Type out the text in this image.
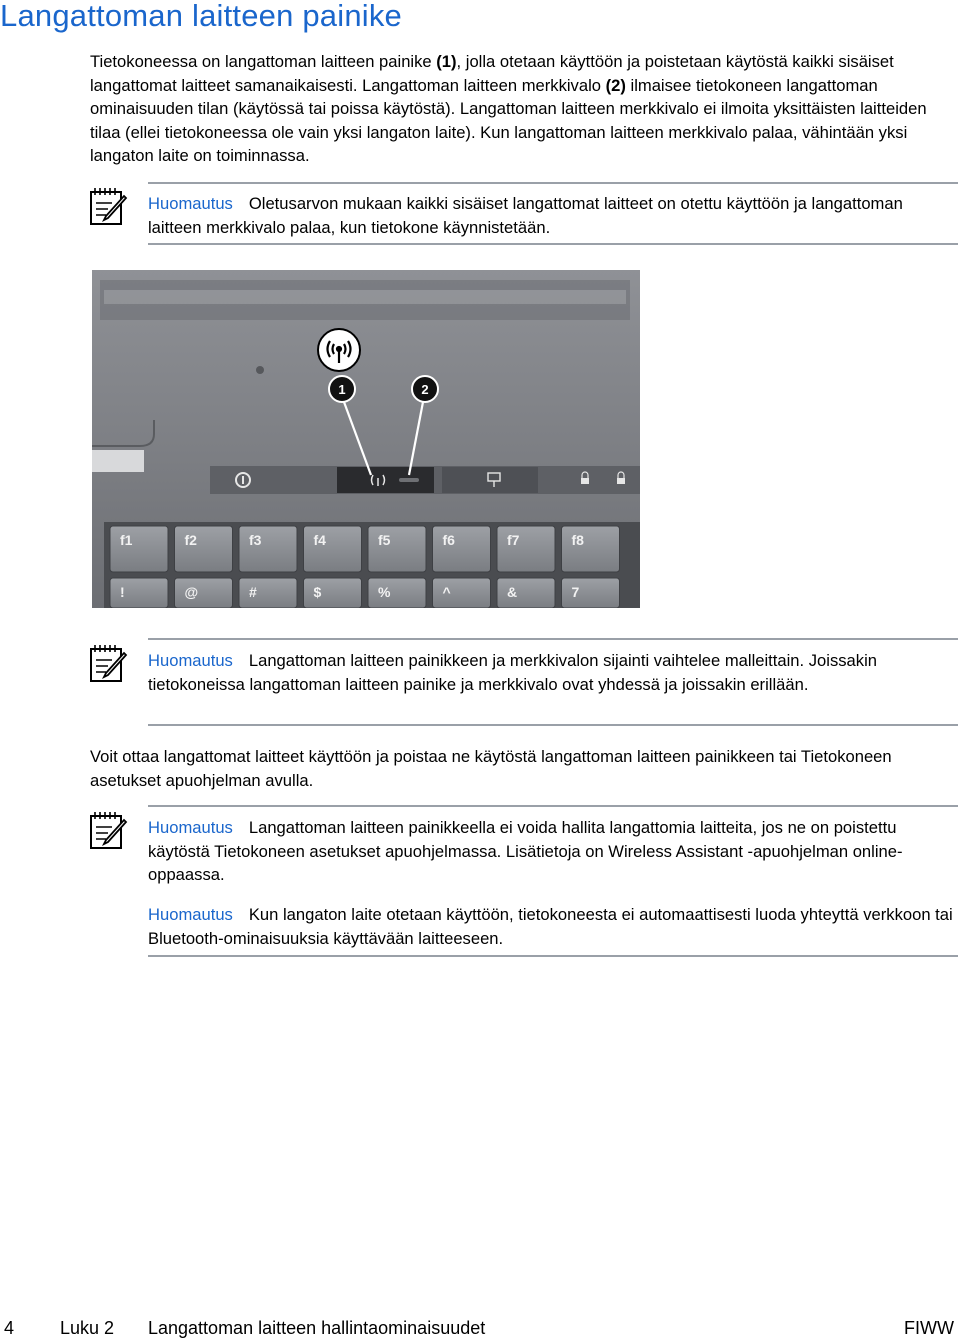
Langattoman laitteen painike

Tietokoneessa on langattoman laitteen painike (1), jolla otetaan käyttöön ja poistetaan käytöstä kaikki sisäiset langattomat laitteet samanaikaisesti. Langattoman laitteen merkkivalo (2) ilmaisee tietokoneen langattoman ominaisuuden tilan (käytössä tai poissa käytöstä). Langattoman laitteen merkkivalo ei ilmoita yksittäisten laitteiden tilaa (ellei tietokoneessa ole vain yksi langaton laite). Kun langattoman laitteen merkkivalo palaa, vähintään yksi langaton laite on toiminnassa.

Huomautus Oletusarvon mukaan kaikki sisäiset langattomat laitteet on otettu käyttöön ja langattoman laitteen merkkivalo palaa, kun tietokone käynnistetään.
1	2
f1	f2	f3	f4	f5	f6	f7	f8
!	@	#	$	%	^	&	7
Huomautus Langattoman laitteen painikkeen ja merkkivalon sijainti vaihtelee malleittain. Joissakin tietokoneissa langattoman laitteen painike ja merkkivalo ovat yhdessä ja joissakin erillään.

Voit ottaa langattomat laitteet käyttöön ja poistaa ne käytöstä langattoman laitteen painikkeen tai Tietokoneen asetukset apuohjelman avulla.

Huomautus Langattoman laitteen painikkeella ei voida hallita langattomia laitteita, jos ne on poistettu käytöstä Tietokoneen asetukset apuohjelmassa. Lisätietoja on Wireless Assistant -apuohjelman online-oppaassa.
Huomautus Kun langaton laite otetaan käyttöön, tietokoneesta ei automaattisesti luoda yhteyttä verkkoon tai Bluetooth-ominaisuuksia käyttävään laitteeseen.
4	Luku 2 Langattoman laitteen hallintaominaisuudet	FIWW
